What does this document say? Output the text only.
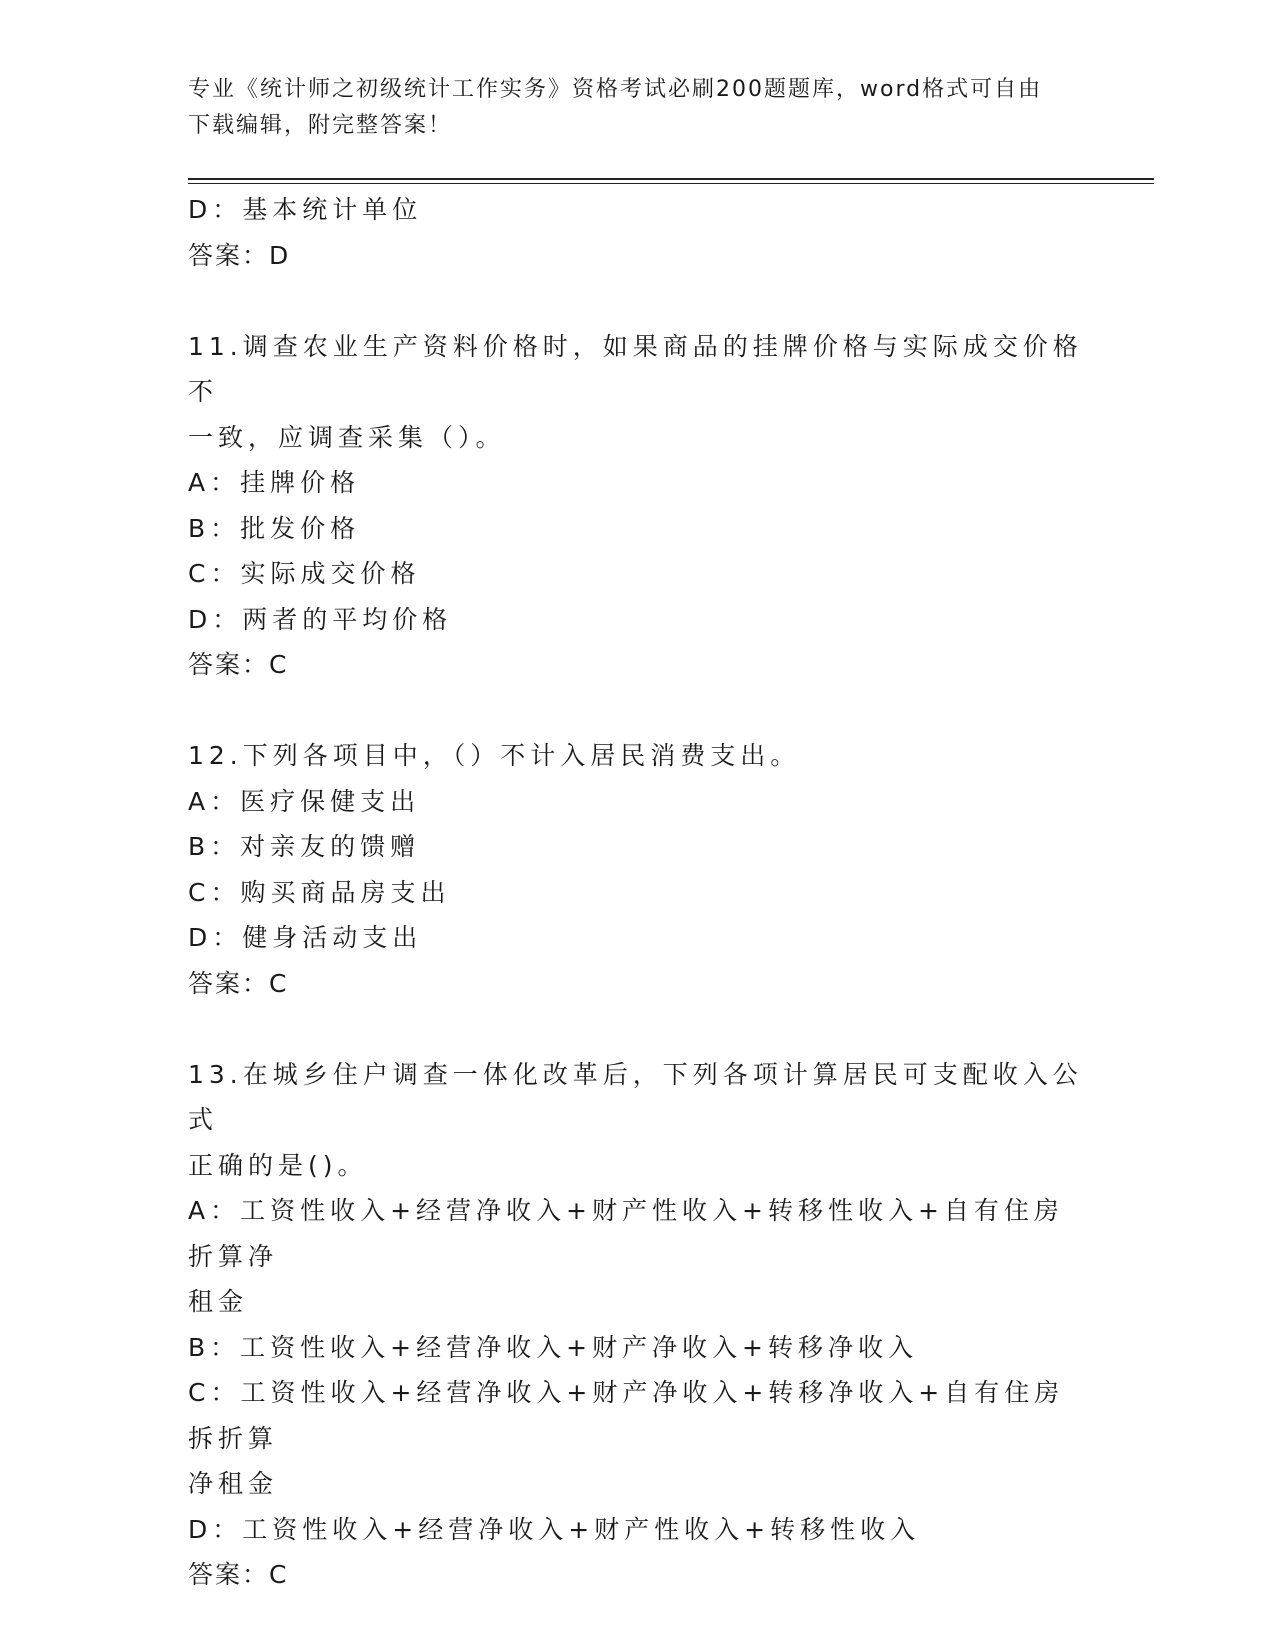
专业《统计师之初级统计工作实务》资格考试必刷200题题库，word格式可自由
下载编辑，附完整答案！
D：基本统计单位
答案：D
11.调查农业生产资料价格时，如果商品的挂牌价格与实际成交价格不
一致，应调查采集（）。
A：挂牌价格
B：批发价格
C：实际成交价格
D：两者的平均价格
答案：C
12.下列各项目中，（）不计入居民消费支出。
A：医疗保健支出
B：对亲友的馈赠
C：购买商品房支出
D：健身活动支出
答案：C
13.在城乡住户调查一体化改革后，下列各项计算居民可支配收入公式
正确的是()。
A：工资性收入+经营净收入+财产性收入+转移性收入+自有住房折算净
租金
B：工资性收入+经营净收入+财产净收入+转移净收入
C：工资性收入+经营净收入+财产净收入+转移净收入+自有住房拆折算
净租金
D：工资性收入+经营净收入+财产性收入+转移性收入
答案：C
